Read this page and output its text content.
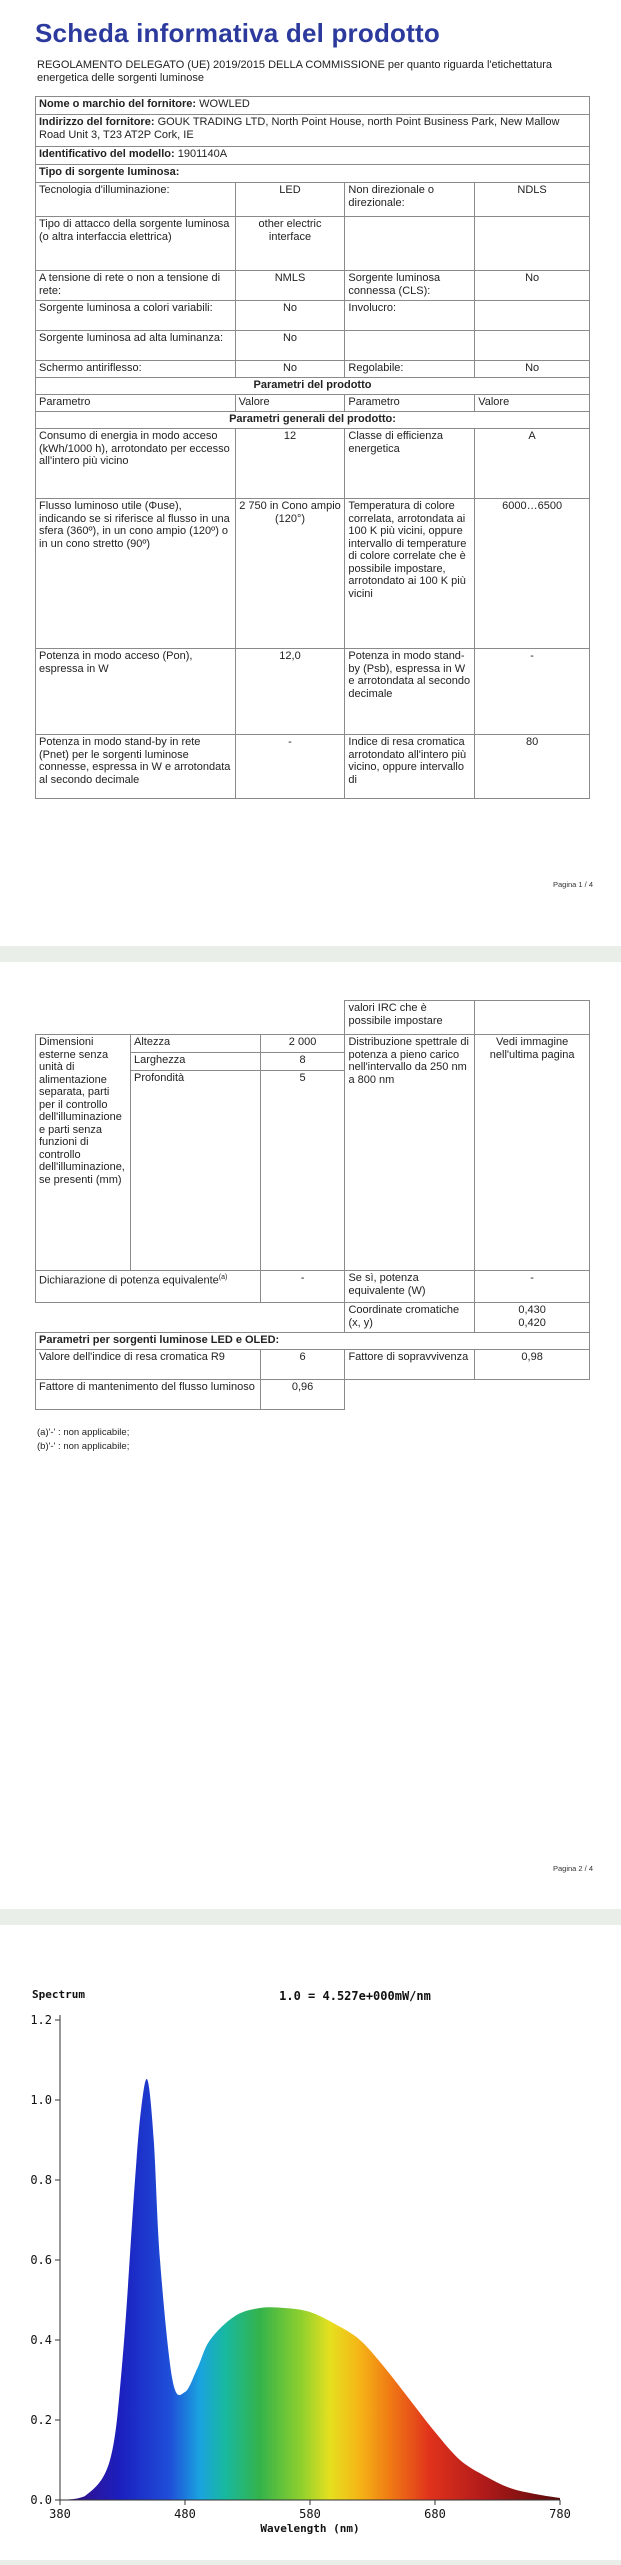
Scheda informativa del prodotto
REGOLAMENTO DELEGATO (UE) 2019/2015 DELLA COMMISSIONE per quanto riguarda l'etichettatura energetica delle sorgenti luminose
Nome o marchio del fornitore: WOWLED			
Indirizzo del fornitore: GOUK TRADING LTD, North Point House, north Point Business Park, New Mallow Road Unit 3, T23 AT2P Cork, IE			
Identificativo del modello: 1901140A			
Tipo di sorgente luminosa:			
Tecnologia d'illuminazione:	LED	Non direzionale o direzionale:	NDLS
Tipo di attacco della sorgente luminosa (o altra interfaccia elettrica)	other electric interface		
A tensione di rete o non a tensione di rete:	NMLS	Sorgente luminosa connessa (CLS):	No
Sorgente luminosa a colori variabili:	No	Involucro:	
Sorgente luminosa ad alta luminanza:	No		
Schermo antiriflesso:	No	Regolabile:	No
Parametri del prodotto			
Parametro	Valore	Parametro	Valore
Parametri generali del prodotto:			
Consumo di energia in modo acceso (kWh/1000 h), arrotondato per eccesso all'intero più vicino	12	Classe di efficienza energetica	A
Flusso luminoso utile (Φuse), indicando se si riferisce al flusso in una sfera (360º), in un cono ampio (120º) o in un cono stretto (90º)	2 750 in Cono ampio (120°)	Temperatura di colore correlata, arrotondata ai 100 K più vicini, oppure intervallo di temperature di colore correlate che è possibile impostare, arrotondato ai 100 K più vicini	6000…6500
Potenza in modo acceso (Pon), espressa in W	12,0	Potenza in modo stand-by (Psb), espressa in W e arrotondata al secondo decimale	-
Potenza in modo stand-by in rete (Pnet) per le sorgenti luminose connesse, espressa in W e arrotondata al secondo decimale	-	Indice di resa cromatica arrotondato all'intero più vicino, oppure intervallo di	80
Pagina 1 / 4
			valori IRC che è possibile impostare	
Dimensioni esterne senza unità di alimentazione separata, parti per il controllo dell'illuminazione e parti senza funzioni di controllo dell'illuminazione, se presenti (mm)	Altezza	2 000	Distribuzione spettrale di potenza a pieno carico nell'intervallo da 250 nm a 800 nm	Vedi immagine nell'ultima pagina
	Larghezza	8		
	Profondità	5		
Dichiarazione di potenza equivalente$^{(a)}$		-	Se sì, potenza equivalente (W)	-
			Coordinate cromatiche (x, y)	0,430
0,420
Parametri per sorgenti luminose LED e OLED:				
Valore dell'indice di resa cromatica R9		6	Fattore di sopravvivenza	0,98
Fattore di mantenimento del flusso luminoso		0,96		
(a)'-' : non applicabile;
(b)'-' : non applicabile;
Pagina 2 / 4
0.0
0.2
0.4
0.6
0.8
1.0
1.2
380	480	580	680	780
Spectrum	1.0 = 4.527e+000mW/nm
Wavelength (nm)
